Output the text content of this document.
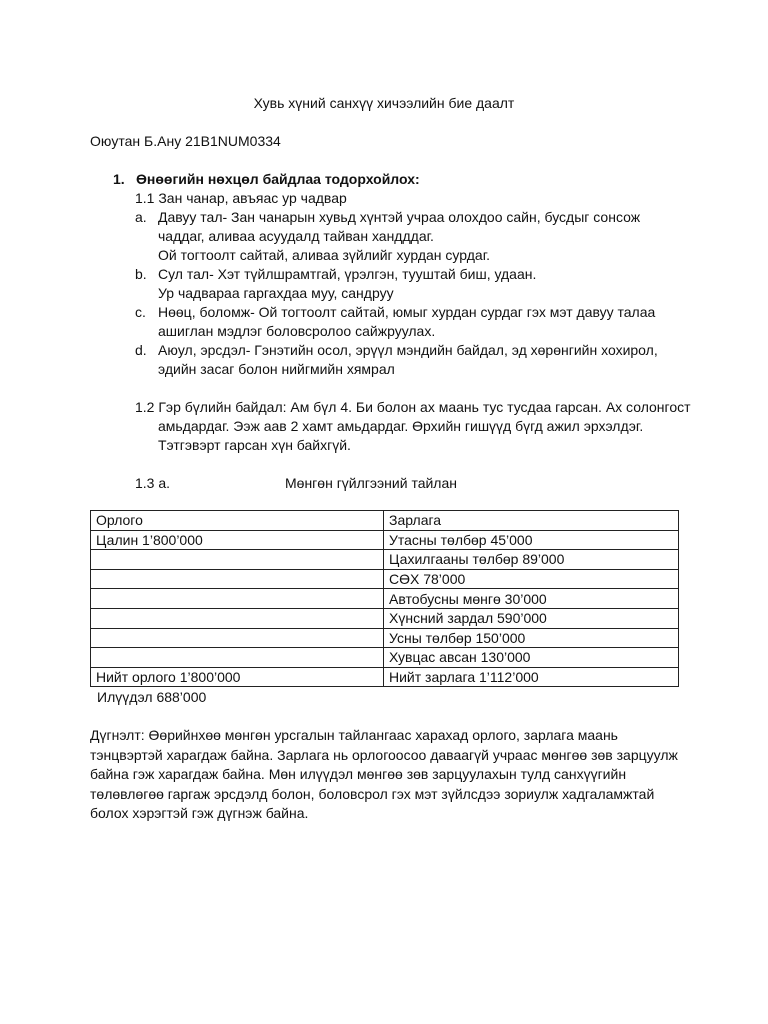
Хувь хүний санхүү хичээлийн бие даалт
Оюутан Б.Ану 21B1NUM0334
1. Өнөөгийн нөхцөл байдлаа тодорхойлох:
1.1 Зан чанар, авъяас ур чадвар
a. Давуу тал- Зан чанарын хувьд хүнтэй учраа олохдоо сайн, бусдыг сонсож
чаддаг, аливаа асуудалд тайван хандддаг.
Ой тогтоолт сайтай, аливаа зүйлийг хурдан сурдаг.
b. Сул тал- Хэт түйлшрамтгай, үрэлгэн, тууштай биш, удаан.
Ур чадвараа гаргахдаа муу, сандруу
c. Нөөц, боломж- Ой тогтоолт сайтай, юмыг хурдан сурдаг гэх мэт давуу талаа
ашиглан мэдлэг боловсролоо сайжруулах.
d. Аюул, эрсдэл- Гэнэтийн осол, эрүүл мэндийн байдал, эд хөрөнгийн хохирол,
эдийн засаг болон нийгмийн хямрал
1.2 Гэр бүлийн байдал: Ам бүл 4. Би болон ах маань тус тусдаа гарсан. Ах солонгост
амьдардаг. Ээж аав 2 хамт амьдардаг. Өрхийн гишүүд бүгд ажил эрхэлдэг.
Тэтгэвэрт гарсан хүн байхгүй.
1.3 a.	Мөнгөн гүйлгээний тайлан
Орлого	Зарлага
Цалин 1’800’000	Утасны төлбөр 45’000
	Цахилгааны төлбөр 89’000
	СӨХ 78’000
	Автобусны мөнгө 30’000
	Хүнсний зардал 590’000
	Усны төлбөр 150’000
	Хувцас авсан 130’000
Нийт орлого 1’800’000	Нийт зарлага 1’112’000
Илүүдэл 688’000
Дүгнэлт: Өөрийнхөө мөнгөн урсгалын тайлангаас харахад орлого, зарлага маань
тэнцвэртэй харагдаж байна. Зарлага нь орлогоосоо даваагүй учраас мөнгөө зөв зарцуулж
байна гэж харагдаж байна. Мөн илүүдэл мөнгөө зөв зарцуулахын тулд санхүүгийн
төлөвлөгөө гаргаж эрсдэлд болон, боловсрол гэх мэт зүйлсдээ зориулж хадгаламжтай
болох хэрэгтэй гэж дүгнэж байна.
